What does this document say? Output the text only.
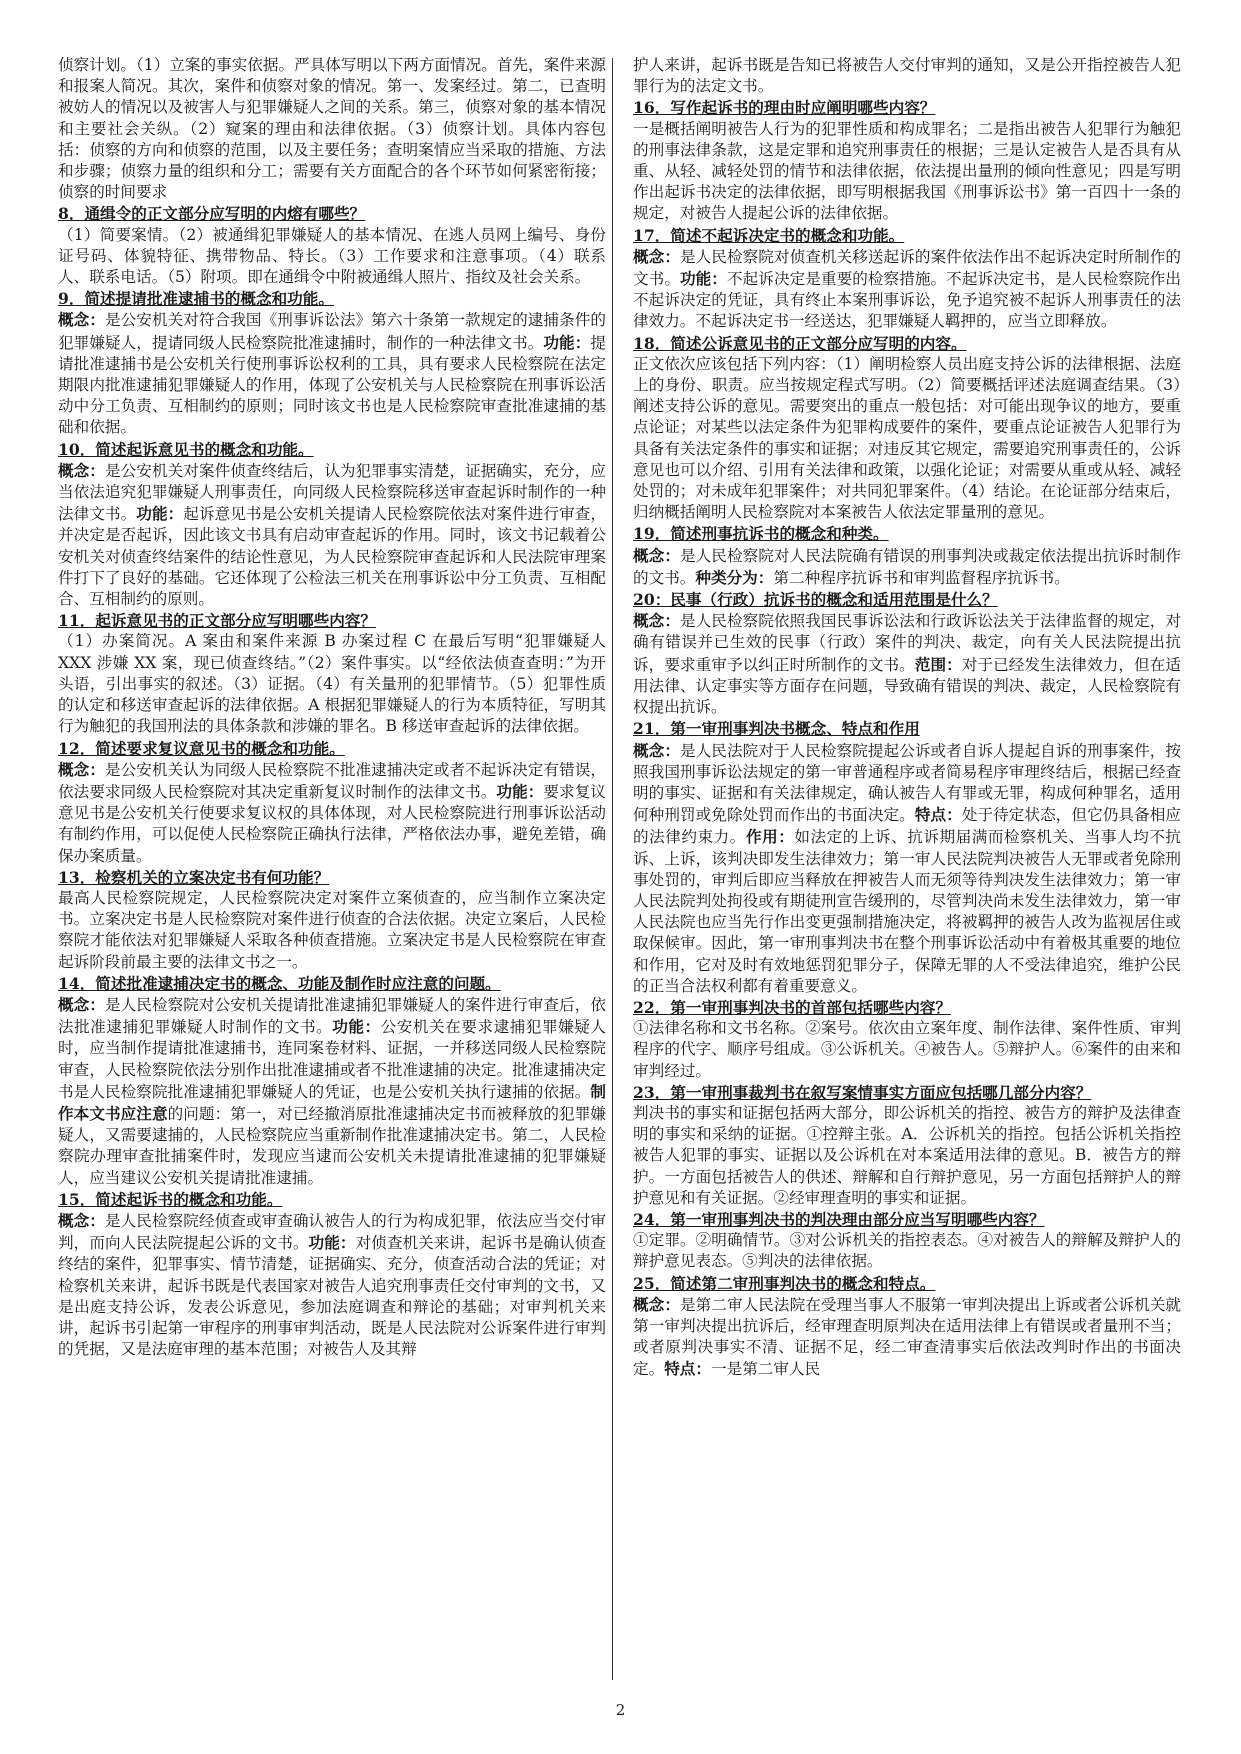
侦察计划。（1）立案的事实依据。严具体写明以下两方面情况。首先，案件来源和报案人简况。其次，案件和侦察对象的情况。第一、发案经过。第二，已查明被妨人的情况以及被害人与犯罪嫌疑人之间的关系。第三，侦察对象的基本情况和主要社会关纵。（2）窥案的理由和法律依据。（3）侦察计划。具体内容包括：侦察的方向和侦察的范围，以及主要任务；查明案情应当采取的措施、方法和步骤；侦察力量的组织和分工；需要有关方面配合的各个环节如何紧密衔接；侦察的时间要求

8．通缉令的正文部分应写明的内熔有哪些？

（1）简要案情。（2）被通缉犯罪嫌疑人的基本情况、在逃人员网上编号、身份证号码、体貌特征、携带物品、特长。（3）工作要求和注意事项。（4）联系人、联系电话。（5）附项。即在通缉令中附被通缉人照片、指纹及社会关系。

9．简述提请批准逮捕书的概念和功能。

概念：是公安机关对符合我国《刑事诉讼法》第六十条第一款规定的逮捕条件的犯罪嫌疑人，提请同级人民检察院批准逮捕时，制作的一种法律文书。功能：提请批准逮捕书是公安机关行使刑事诉讼权利的工具，具有要求人民检察院在法定期限内批准逮捕犯罪嫌疑人的作用，体现了公安机关与人民检察院在刑事诉讼活动中分工负责、互相制约的原则；同时该文书也是人民检察院审查批准逮捕的基础和依据。

10．简述起诉意见书的概念和功能。

概念：是公安机关对案件侦查终结后，认为犯罪事实清楚，证据确实，充分，应当依法追究犯罪嫌疑人刑事责任，向同级人民检察院移送审查起诉时制作的一种法律文书。功能：起诉意见书是公安机关提请人民检察院依法对案件进行审查，并决定是否起诉，因此该文书具有启动审查起诉的作用。同时，该文书记载着公安机关对侦查终结案件的结论性意见，为人民检察院审查起诉和人民法院审理案件打下了良好的基础。它还体现了公检法三机关在刑事诉讼中分工负责、互相配合、互相制约的原则。

11．起诉意见书的正文部分应写明哪些内容？

（1）办案简况。A 案由和案件来源 B 办案过程 C 在最后写明“犯罪嫌疑人 XXX 涉嫌 XX 案，现已侦查终结。”（2）案件事实。以“经依法侦查查明：”为开头语，引出事实的叙述。（3）证据。（4）有关量刑的犯罪情节。（5）犯罪性质的认定和移送审查起诉的法律依据。A 根据犯罪嫌疑人的行为本质特征，写明其行为触犯的我国刑法的具体条款和涉嫌的罪名。B 移送审查起诉的法律依据。

12．简述要求复议意见书的概念和功能。

概念：是公安机关认为同级人民检察院不批准逮捕决定或者不起诉决定有错误，依法要求同级人民检察院对其决定重新复议时制作的法律文书。功能：要求复议意见书是公安机关行使要求复议权的具体体现，对人民检察院进行刑事诉讼活动有制约作用，可以促使人民检察院正确执行法律，严格依法办事，避免差错，确保办案质量。

13．检察机关的立案决定书有何功能？

最高人民检察院规定，人民检察院决定对案件立案侦查的，应当制作立案决定书。立案决定书是人民检察院对案件进行侦查的合法依据。决定立案后，人民检察院才能依法对犯罪嫌疑人采取各种侦查措施。立案决定书是人民检察院在审查起诉阶段前最主要的法律文书之一。

14．简述批准逮捕决定书的概念、功能及制作时应注意的问题。

概念：是人民检察院对公安机关提请批准逮捕犯罪嫌疑人的案件进行审查后，依法批准逮捕犯罪嫌疑人时制作的文书。功能：公安机关在要求逮捕犯罪嫌疑人时，应当制作提请批准逮捕书，连同案卷材料、证据，一并移送同级人民检察院审查，人民检察院依法分别作出批准逮捕或者不批准逮捕的决定。批准逮捕决定书是人民检察院批准逮捕犯罪嫌疑人的凭证，也是公安机关执行逮捕的依据。制作本文书应注意的问题：第一，对已经撤消原批准逮捕决定书而被释放的犯罪嫌疑人，又需要逮捕的，人民检察院应当重新制作批准逮捕决定书。第二，人民检察院办理审查批捕案件时，发现应当逮而公安机关未提请批准逮捕的犯罪嫌疑人，应当建议公安机关提请批准逮捕。

15．简述起诉书的概念和功能。

概念：是人民检察院经侦查或审查确认被告人的行为构成犯罪，依法应当交付审判，而向人民法院提起公诉的文书。功能：对侦查机关来讲，起诉书是确认侦查终结的案件，犯罪事实、情节清楚，证据确实、充分，侦查活动合法的凭证；对检察机关来讲，起诉书既是代表国家对被告人追究刑事责任交付审判的文书，又是出庭支持公诉，发表公诉意见，参加法庭调查和辩论的基础；对审判机关来讲，起诉书引起第一审程序的刑事审判活动，既是人民法院对公诉案件进行审判的凭据，又是法庭审理的基本范围；对被告人及其辩

护人来讲，起诉书既是告知已将被告人交付审判的通知，又是公开指控被告人犯罪行为的法定文书。

16．写作起诉书的理由时应阐明哪些内容？

一是概括阐明被告人行为的犯罪性质和构成罪名；二是指出被告人犯罪行为触犯的刑事法律条款，这是定罪和追究刑事责任的根据；三是认定被告人是否具有从重、从轻、减轻处罚的情节和法律依据，依法提出量刑的倾向性意见；四是写明作出起诉书决定的法律依据，即写明根据我国《刑事诉讼书》第一百四十一条的规定，对被告人提起公诉的法律依据。

17．简述不起诉决定书的概念和功能。

概念：是人民检察院对侦查机关移送起诉的案件依法作出不起诉决定时所制作的文书。功能：不起诉决定是重要的检察措施。不起诉决定书，是人民检察院作出不起诉决定的凭证，具有终止本案刑事诉讼，免予追究被不起诉人刑事责任的法律效力。不起诉决定书一经送达，犯罪嫌疑人羁押的，应当立即释放。

18．简述公诉意见书的正文部分应写明的内容。

正文依次应该包括下列内容：（1）阐明检察人员出庭支持公诉的法律根据、法庭上的身份、职责。应当按规定程式写明。（2）简要概括评述法庭调查结果。（3）阐述支持公诉的意见。需要突出的重点一般包括：对可能出现争议的地方，要重点论证；对某些以法定条件为犯罪构成要件的案件，要重点论证被告人犯罪行为具备有关法定条件的事实和证据；对违反其它规定，需要追究刑事责任的，公诉意见也可以介绍、引用有关法律和政策，以强化论证；对需要从重或从轻、减轻处罚的；对未成年犯罪案件；对共同犯罪案件。（4）结论。在论证部分结束后，归纳概括阐明人民检察院对本案被告人依法定罪量刑的意见。

19．简述刑事抗诉书的概念和种类。

概念：是人民检察院对人民法院确有错误的刑事判决或裁定依法提出抗诉时制作的文书。种类分为：第二种程序抗诉书和审判监督程序抗诉书。

20：民事（行政）抗诉书的概念和适用范围是什么？

概念：是人民检察院依照我国民事诉讼法和行政诉讼法关于法律监督的规定，对确有错误并已生效的民事（行政）案件的判决、裁定，向有关人民法院提出抗诉，要求重审予以纠正时所制作的文书。范围：对于已经发生法律效力，但在适用法律、认定事实等方面存在问题，导致确有错误的判决、裁定，人民检察院有权提出抗诉。

21．第一审刑事判决书概念、特点和作用

概念：是人民法院对于人民检察院提起公诉或者自诉人提起自诉的刑事案件，按照我国刑事诉讼法规定的第一审普通程序或者简易程序审理终结后，根据已经查明的事实、证据和有关法律规定，确认被告人有罪或无罪，构成何种罪名，适用何种刑罚或免除处罚而作出的书面决定。特点：处于待定状态，但它仍具备相应的法律约束力。作用：如法定的上诉、抗诉期届满而检察机关、当事人均不抗诉、上诉，该判决即发生法律效力；第一审人民法院判决被告人无罪或者免除刑事处罚的，审判后即应当释放在押被告人而无须等待判决发生法律效力；第一审人民法院判处拘役或有期徒刑宣告缓刑的，尽管判决尚未发生法律效力，第一审人民法院也应当先行作出变更强制措施决定，将被羁押的被告人改为监视居住或取保候审。因此，第一审刑事判决书在整个刑事诉讼活动中有着极其重要的地位和作用，它对及时有效地惩罚犯罪分子，保障无罪的人不受法律追究，维护公民的正当合法权利都有着重要意义。

22．第一审刑事判决书的首部包括哪些内容？

①法律名称和文书名称。②案号。依次由立案年度、制作法律、案件性质、审判程序的代字、顺序号组成。③公诉机关。④被告人。⑤辩护人。⑥案件的由来和审判经过。

23．第一审刑事裁判书在叙写案情事实方面应包括哪几部分内容？

判决书的事实和证据包括两大部分，即公诉机关的指控、被告方的辩护及法律查明的事实和采纳的证据。①控辩主张。A．公诉机关的指控。包括公诉机关指控被告人犯罪的事实、证据以及公诉机在对本案适用法律的意见。B．被告方的辩护。一方面包括被告人的供述、辩解和自行辩护意见，另一方面包括辩护人的辩护意见和有关证据。②经审理查明的事实和证据。

24．第一审刑事判决书的判决理由部分应当写明哪些内容？

①定罪。②明确情节。③对公诉机关的指控表态。④对被告人的辩解及辩护人的辩护意见表态。⑤判决的法律依据。

25．简述第二审刑事判决书的概念和特点。

概念：是第二审人民法院在受理当事人不服第一审判决提出上诉或者公诉机关就第一审判决提出抗诉后，经审理查明原判决在适用法律上有错误或者量刑不当；或者原判决事实不清、证据不足，经二审查清事实后依法改判时作出的书面决定。特点：一是第二审人民

2
